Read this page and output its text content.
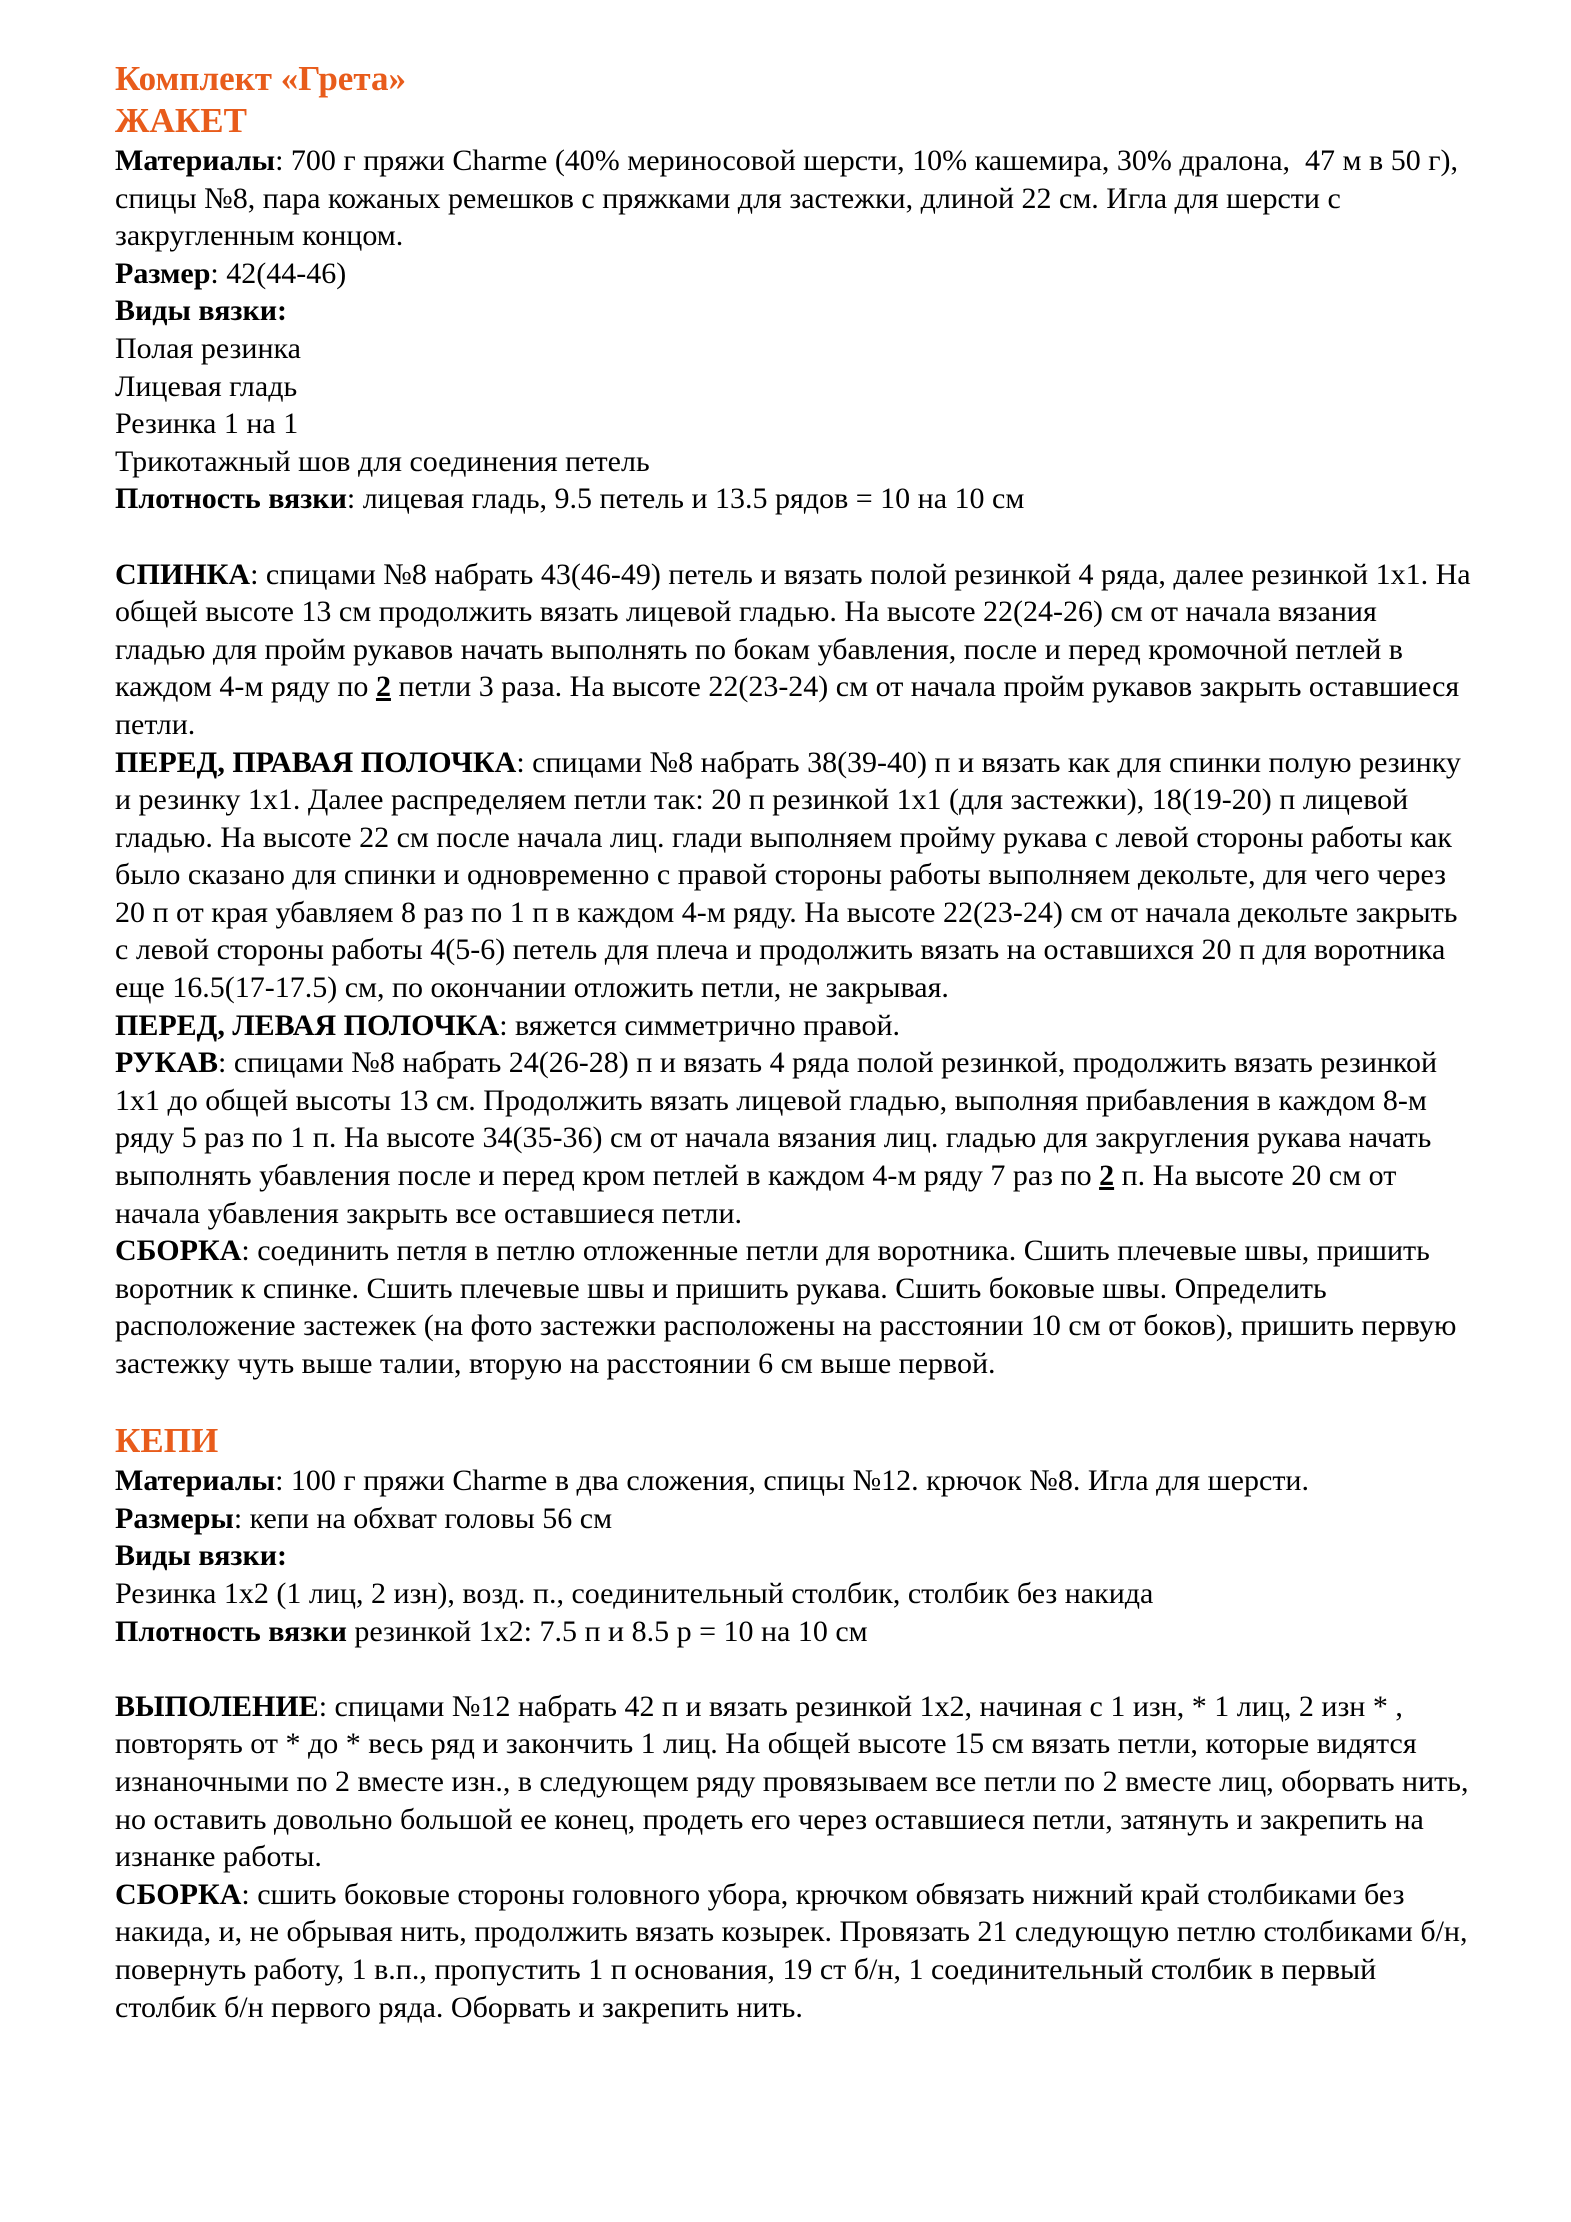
Комплект «Грета»

ЖАКЕТ

Материалы: 700 г пряжи Charme (40% мериносовой шерсти, 10% кашемира, 30% дралона,  47 м в 50 г), спицы №8, пара кожаных ремешков с пряжками для застежки, длиной 22 см. Игла для шерсти с закругленным концом.

Размер: 42(44-46)

Виды вязки:

Полая резинка

Лицевая гладь

Резинка 1 на 1

Трикотажный шов для соединения петель

Плотность вязки: лицевая гладь, 9.5 петель и 13.5 рядов = 10 на 10 см

СПИНКА: спицами №8 набрать 43(46-49) петель и вязать полой резинкой 4 ряда, далее резинкой 1х1. На общей высоте 13 см продолжить вязать лицевой гладью. На высоте 22(24-26) см от начала вязания гладью для пройм рукавов начать выполнять по бокам убавления, после и перед кромочной петлей в каждом 4-м ряду по 2 петли 3 раза. На высоте 22(23-24) см от начала пройм рукавов закрыть оставшиеся петли.

ПЕРЕД, ПРАВАЯ ПОЛОЧКА: спицами №8 набрать 38(39-40) п и вязать как для спинки полую резинку и резинку 1х1. Далее распределяем петли так: 20 п резинкой 1х1 (для застежки), 18(19-20) п лицевой гладью. На высоте 22 см после начала лиц. глади выполняем пройму рукава с левой стороны работы как было сказано для спинки и одновременно с правой стороны работы выполняем декольте, для чего через 20 п от края убавляем 8 раз по 1 п в каждом 4-м ряду. На высоте 22(23-24) см от начала декольте закрыть с левой стороны работы 4(5-6) петель для плеча и продолжить вязать на оставшихся 20 п для воротника еще 16.5(17-17.5) см, по окончании отложить петли, не закрывая.

ПЕРЕД, ЛЕВАЯ ПОЛОЧКА: вяжется симметрично правой.

РУКАВ: спицами №8 набрать 24(26-28) п и вязать 4 ряда полой резинкой, продолжить вязать резинкой 1х1 до общей высоты 13 см. Продолжить вязать лицевой гладью, выполняя прибавления в каждом 8-м ряду 5 раз по 1 п. На высоте 34(35-36) см от начала вязания лиц. гладью для закругления рукава начать выполнять убавления после и перед кром петлей в каждом 4-м ряду 7 раз по 2 п. На высоте 20 см от начала убавления закрыть все оставшиеся петли.

СБОРКА: соединить петля в петлю отложенные петли для воротника. Сшить плечевые швы, пришить воротник к спинке. Сшить плечевые швы и пришить рукава. Сшить боковые швы. Определить расположение застежек (на фото застежки расположены на расстоянии 10 см от боков), пришить первую застежку чуть выше талии, вторую на расстоянии 6 см выше первой.

КЕПИ

Материалы: 100 г пряжи Charme в два сложения, спицы №12. крючок №8. Игла для шерсти.

Размеры: кепи на обхват головы 56 см

Виды вязки:

Резинка 1х2 (1 лиц, 2 изн), возд. п., соединительный столбик, столбик без накида

Плотность вязки резинкой 1х2: 7.5 п и 8.5 р = 10 на 10 см

ВЫПОЛЕНИЕ: спицами №12 набрать 42 п и вязать резинкой 1х2, начиная с 1 изн, * 1 лиц, 2 изн * , повторять от * до * весь ряд и закончить 1 лиц. На общей высоте 15 см вязать петли, которые видятся изнаночными по 2 вместе изн., в следующем ряду провязываем все петли по 2 вместе лиц, оборвать нить, но оставить довольно большой ее конец, продеть его через оставшиеся петли, затянуть и закрепить на изнанке работы.

СБОРКА: сшить боковые стороны головного убора, крючком обвязать нижний край столбиками без накида, и, не обрывая нить, продолжить вязать козырек. Провязать 21 следующую петлю столбиками б/н, повернуть работу, 1 в.п., пропустить 1 п основания, 19 ст б/н, 1 соединительный столбик в первый столбик б/н первого ряда. Оборвать и закрепить нить.
